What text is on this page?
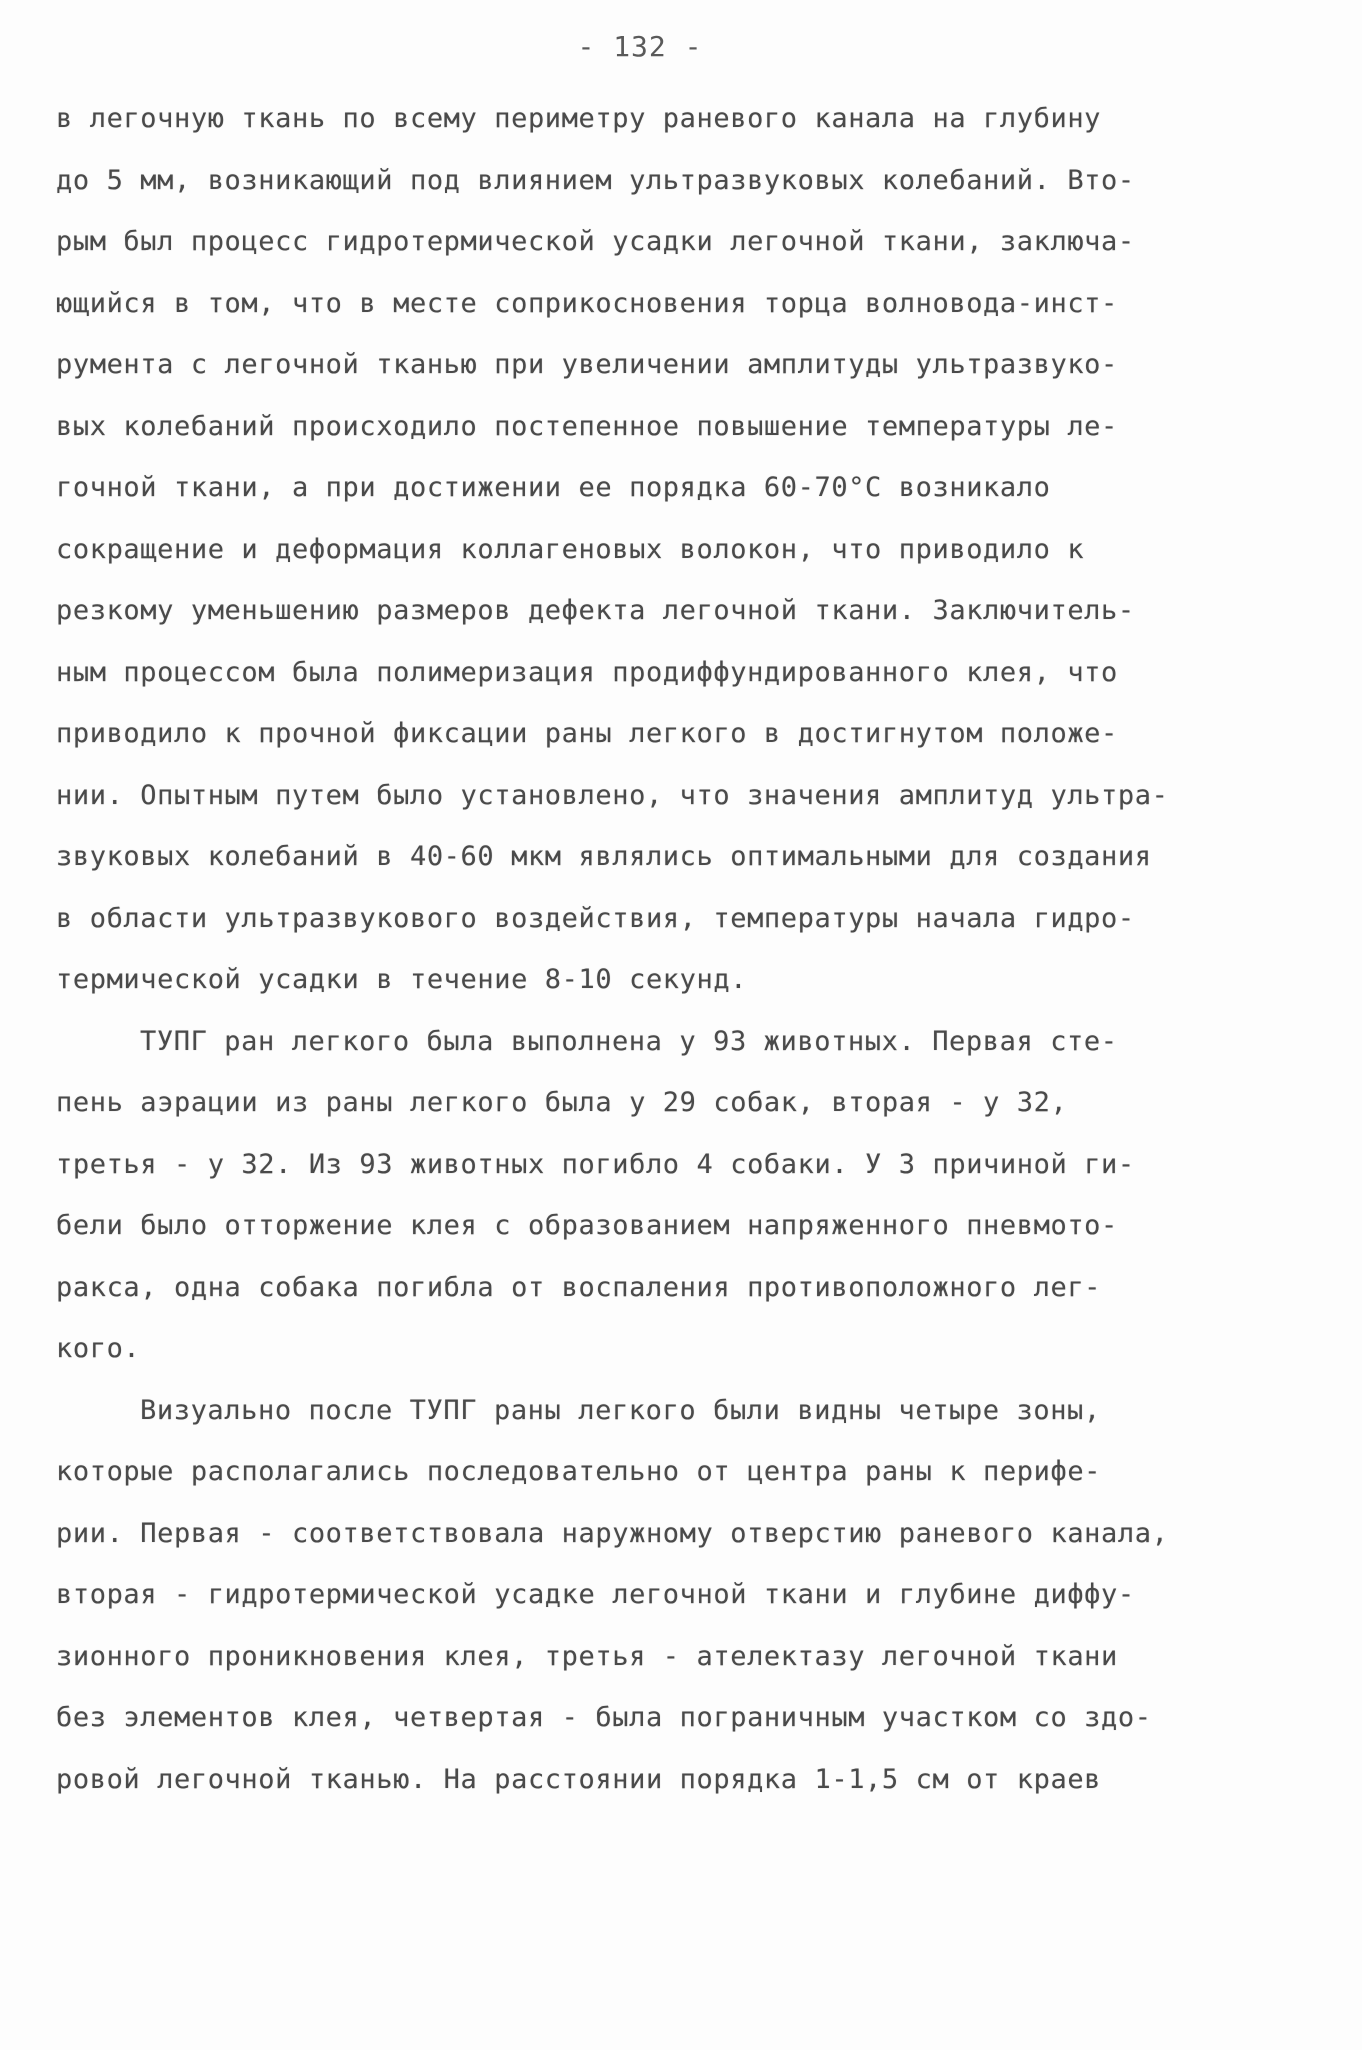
- 132 -
в легочную ткань по всему периметру раневого канала на глубину
до 5 мм, возникающий под влиянием ультразвуковых колебаний. Вто-
рым был процесс гидротермической усадки легочной ткани, заключа-
ющийся в том, что в месте соприкосновения торца волновода-инст-
румента с легочной тканью при увеличении амплитуды ультразвуко-
вых колебаний происходило постепенное повышение температуры ле-
гочной ткани, а при достижении ее порядка 60-70°С возникало
сокращение и деформация коллагеновых волокон, что приводило к
резкому уменьшению размеров дефекта легочной ткани. Заключитель-
ным процессом была полимеризация продиффундированного клея, что
приводило к прочной фиксации раны легкого в достигнутом положе-
нии. Опытным путем было установлено, что значения амплитуд ультра-
звуковых колебаний в 40-60 мкм являлись оптимальными для создания
в области ультразвукового воздействия, температуры начала гидро-
термической усадки в течение 8-10 секунд.
ТУПГ ран легкого была выполнена у 93 животных. Первая сте-
пень аэрации из раны легкого была у 29 собак, вторая - у 32,
третья - у 32. Из 93 животных погибло 4 собаки. У 3 причиной ги-
бели было отторжение клея с образованием напряженного пневмото-
ракса, одна собака погибла от воспаления противоположного лег-
кого.
Визуально после ТУПГ раны легкого были видны четыре зоны,
которые располагались последовательно от центра раны к перифе-
рии. Первая - соответствовала наружному отверстию раневого канала,
вторая - гидротермической усадке легочной ткани и глубине диффу-
зионного проникновения клея, третья - ателектазу легочной ткани
без элементов клея, четвертая - была пограничным участком со здо-
ровой легочной тканью. На расстоянии порядка 1-1,5 см от краев
